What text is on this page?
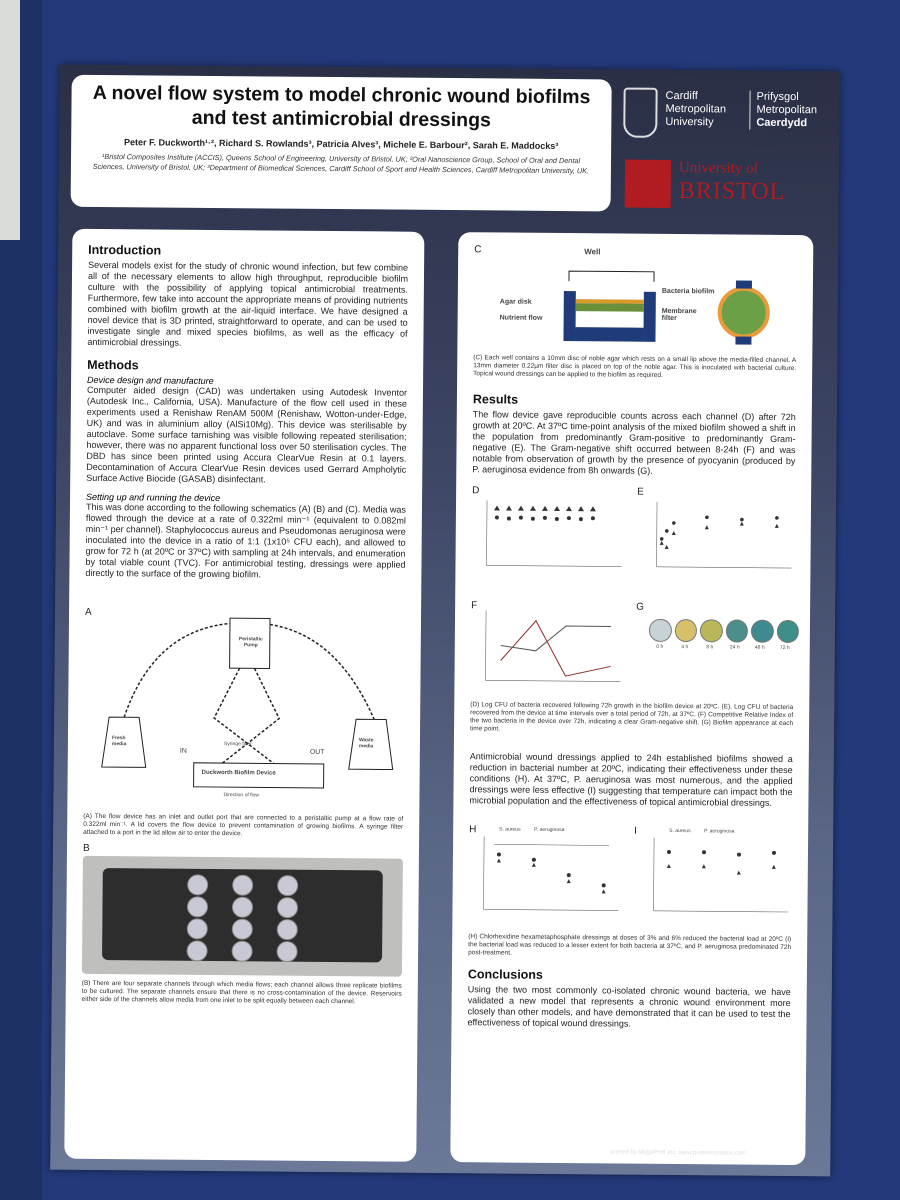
A novel flow system to model chronic wound biofilms and test antimicrobial dressings
Peter F. Duckworth¹·², Richard S. Rowlands³, Patricia Alves³, Michele E. Barbour², Sarah E. Maddocks³
¹Bristol Composites Institute (ACCIS), Queens School of Engineering, University of Bristol, UK; ²Oral Nanoscience Group, School of Oral and Dental Sciences, University of Bristol, UK; ³Department of Biomedical Sciences, Cardiff School of Sport and Health Sciences, Cardiff Metropolitan University, UK.
Cardiff
Metropolitan
University
Prifysgol
Metropolitan
Caerdydd
University of
BRISTOL
Introduction

Several models exist for the study of chronic wound infection, but few combine all of the necessary elements to allow high throughput, reproducible biofilm culture with the possibility of applying topical antimicrobial treatments. Furthermore, few take into account the appropriate means of providing nutrients combined with biofilm growth at the air-liquid interface. We have designed a novel device that is 3D printed, straightforward to operate, and can be used to investigate single and mixed species biofilms, as well as the efficacy of antimicrobial dressings.

Methods
Device design and manufacture

Computer aided design (CAD) was undertaken using Autodesk Inventor (Autodesk Inc., California, USA). Manufacture of the flow cell used in these experiments used a Renishaw RenAM 500M (Renishaw, Wotton-under-Edge, UK) and was in aluminium alloy (AlSi10Mg). This device was sterilisable by autoclave. Some surface tarnishing was visible following repeated sterilisation; however, there was no apparent functional loss over 50 sterilisation cycles. The DBD has since been printed using Accura ClearVue Resin at 0.1 layers. Decontamination of Accura ClearVue Resin devices used Gerrard Ampholytic Surface Active Biocide (GASAB) disinfectant.

Setting up and running the device

This was done according to the following schematics (A) (B) and (C). Media was flowed through the device at a rate of 0.322ml min⁻¹ (equivalent to 0.082ml min⁻¹ per channel). Staphylococcus aureus and Pseudomonas aeruginosa were inoculated into the device in a ratio of 1:1 (1x10⁵ CFU each), and allowed to grow for 72 h (at 20ºC or 37ºC) with sampling at 24h intervals, and enumeration by total viable count (TVC). For antimicrobial testing, dressings were applied directly to the surface of the growing biofilm.

A
Peristaltic Pump
Fresh media
Waste media
IN	OUT
Syringe filter
Duckworth Biofilm Device
Direction of flow
(A) The flow device has an inlet and outlet port that are connected to a peristaltic pump at a flow rate of 0.322ml min⁻¹. A lid covers the flow device to prevent contamination of growing biofilms. A syringe filter attached to a port in the lid allow air to enter the device.
B
(B) There are four separate channels through which media flows; each channel allows three replicate biofilms to be cultured. The separate channels ensure that there is no cross-contamination of the device. Reservoirs either side of the channels allow media from one inlet to be split equally between each channel.
C	Well
Agar disk
Nutrient flow
Bacteria biofilm
Membrane filter
(C) Each well contains a 10mm disc of noble agar which rests on a small lip above the media-filled channel. A 13mm diameter 0.22µm filter disc is placed on top of the noble agar. This is inoculated with bacterial culture. Topical wound dressings can be applied to the biofilm as required.
Results

The flow device gave reproducible counts across each channel (D) after 72h growth at 20ºC. At 37ºC time-point analysis of the mixed biofilm showed a shift in the population from predominantly Gram-positive to predominantly Gram-negative (E). The Gram-negative shift occurred between 8-24h (F) and was notable from observation of growth by the presence of pyocyanin (produced by P. aeruginosa evidence from 8h onwards (G).

D	E
F	G
0 h	4 h	8 h	24 h	48 h	72 h
(D) Log CFU of bacteria recovered following 72h growth in the biofilm device at 20ºC. (E). Log CFU of bacteria recovered from the device at time intervals over a total period of 72h, at 37ºC. (F) Competitive Relative Index of the two bacteria in the device over 72h, indicating a clear Gram-negative shift. (G) Biofilm appearance at each time point.

Antimicrobial wound dressings applied to 24h established biofilms showed a reduction in bacterial number at 20ºC, indicating their effectiveness under these conditions (H). At 37ºC, P. aeruginosa was most numerous, and the applied dressings were less effective (I) suggesting that temperature can impact both the microbial population and the effectiveness of topical antimicrobial dressings.

H	I
S. aureus	P. aeruginosa	S. aureus	P. aeruginosa
(H) Chlorhexidine hexametaphosphate dressings at doses of 3% and 6% reduced the bacterial load at 20ºC (I) the bacterial load was reduced to a lesser extent for both bacteria at 37ºC, and P. aeruginosa predominated 72h post-treatment.
Conclusions

Using the two most commonly co-isolated chronic wound bacteria, we have validated a new model that represents a chronic wound environment more closely than other models, and have demonstrated that it can be used to test the effectiveness of topical wound dressings.

printed by MegaPrint Inc. www.posterssession.com
